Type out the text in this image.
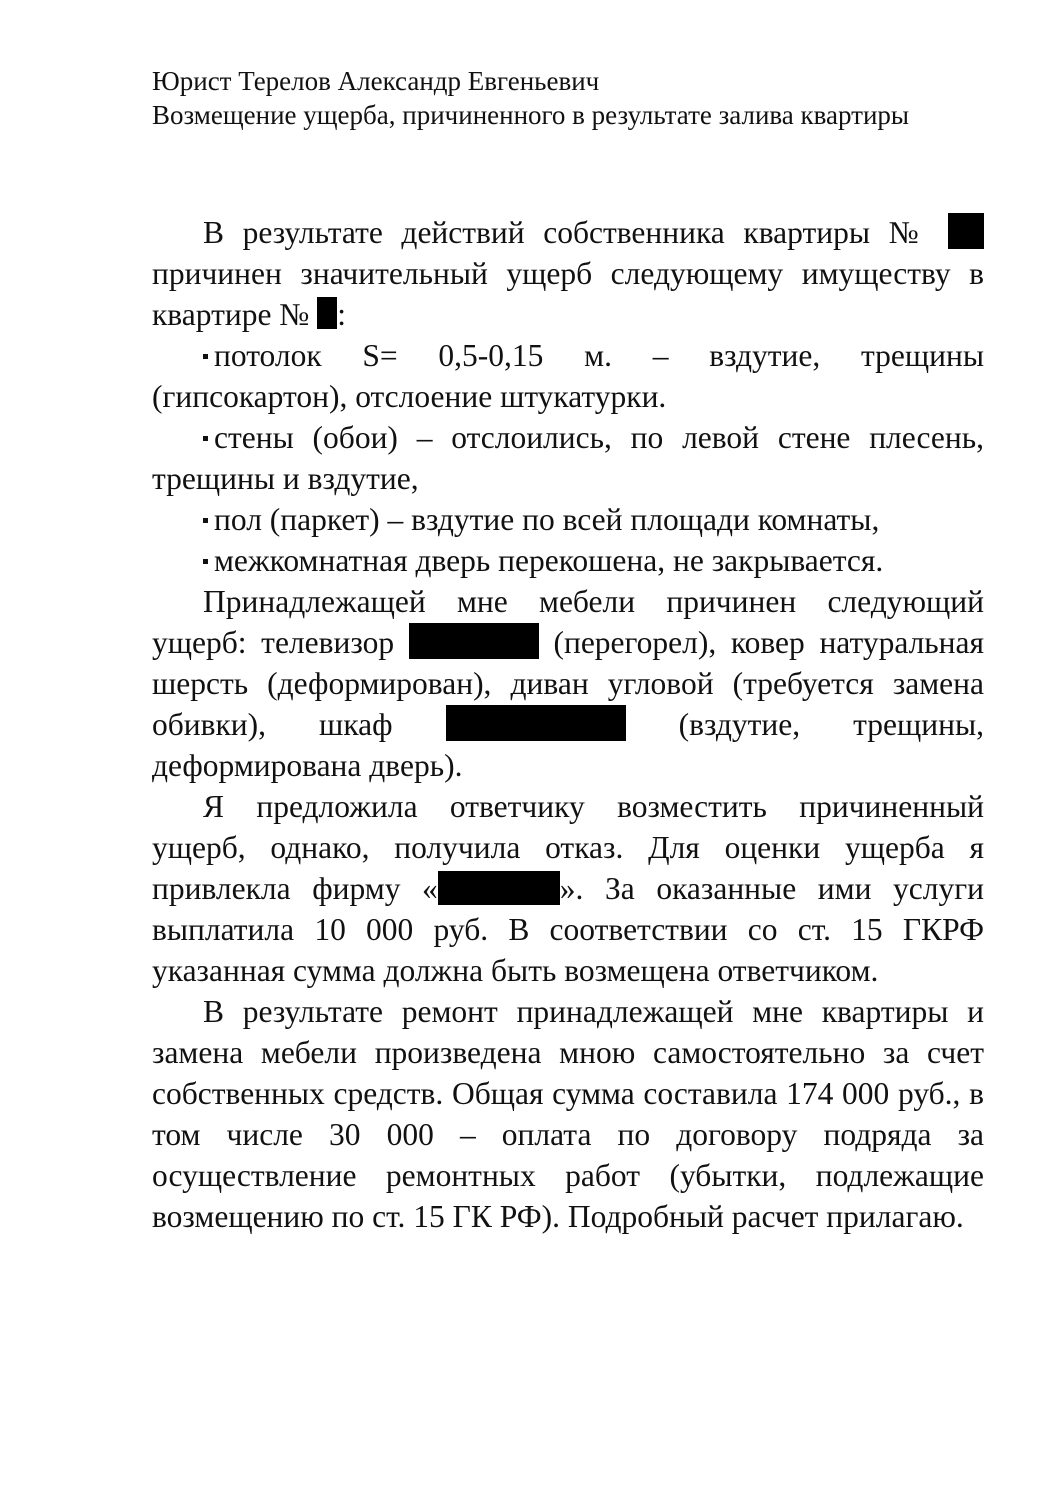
Юрист Терелов Александр Евгеньевич
Возмещение ущерба, причиненного в результате залива квартиры

В результате действий собственника квартиры №  причинен значительный ущерб следующему имуществу в квартире № :

потолок S= 0,5-0,15 м. – вздутие, трещины (гипсокартон), отслоение штукатурки.

стены (обои) – отслоились, по левой стене плесень, трещины и вздутие,

пол (паркет) – вздутие по всей площади комнаты,

межкомнатная дверь перекошена, не закрывается.

Принадлежащей мне мебели причинен следующий ущерб: телевизор	(перегорел), ковер натуральная шерсть (деформирован), диван угловой (требуется замена обивки), шкаф	(вздутие, трещины, деформирована дверь).

Я предложила ответчику возместить причиненный ущерб, однако, получила отказ. Для оценки ущерба я привлекла фирму «	». За оказанные ими услуги выплатила 10 000 руб. В соответствии со ст. 15 ГКРФ указанная сумма должна быть возмещена ответчиком.

В результате ремонт принадлежащей мне квартиры и замена мебели произведена мною самостоятельно за счет собственных средств. Общая сумма составила 174 000 руб., в том числе 30 000 – оплата по договору подряда за осуществление ремонтных работ (убытки, подлежащие возмещению по ст. 15 ГК РФ). Подробный расчет прилагаю.
